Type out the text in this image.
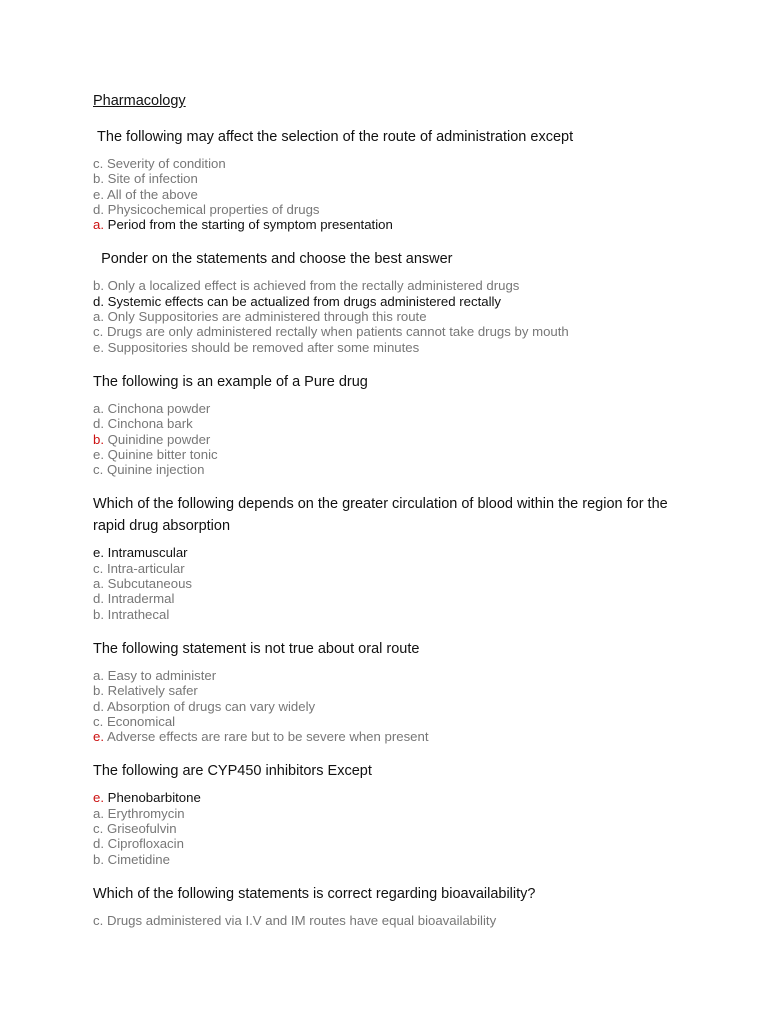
Pharmacology
The following may affect the selection of the route of administration except
c. Severity of condition
b. Site of infection
e. All of the above
d. Physicochemical properties of drugs
a. Period from the starting of symptom presentation
Ponder on the statements and choose the best answer
b. Only a localized effect is achieved from the rectally administered drugs
d. Systemic effects can be actualized from drugs administered rectally
a. Only Suppositories are administered through this route
c. Drugs are only administered rectally when patients cannot take drugs by mouth
e. Suppositories should be removed after some minutes
The following is an example of a Pure drug
a. Cinchona powder
d. Cinchona bark
b. Quinidine powder
e. Quinine bitter tonic
c. Quinine injection
Which of the following depends on the greater circulation of blood within the region for the rapid drug absorption
e. Intramuscular
c. Intra-articular
a. Subcutaneous
d. Intradermal
b. Intrathecal
The following statement is not true about oral route
a. Easy to administer
b. Relatively safer
d. Absorption of drugs can vary widely
c. Economical
e. Adverse effects are rare but to be severe when present
The following are CYP450 inhibitors Except
e. Phenobarbitone
a. Erythromycin
c. Griseofulvin
d. Ciprofloxacin
b. Cimetidine
Which of the following statements is correct regarding bioavailability?
c. Drugs administered via I.V and IM routes have equal bioavailability
